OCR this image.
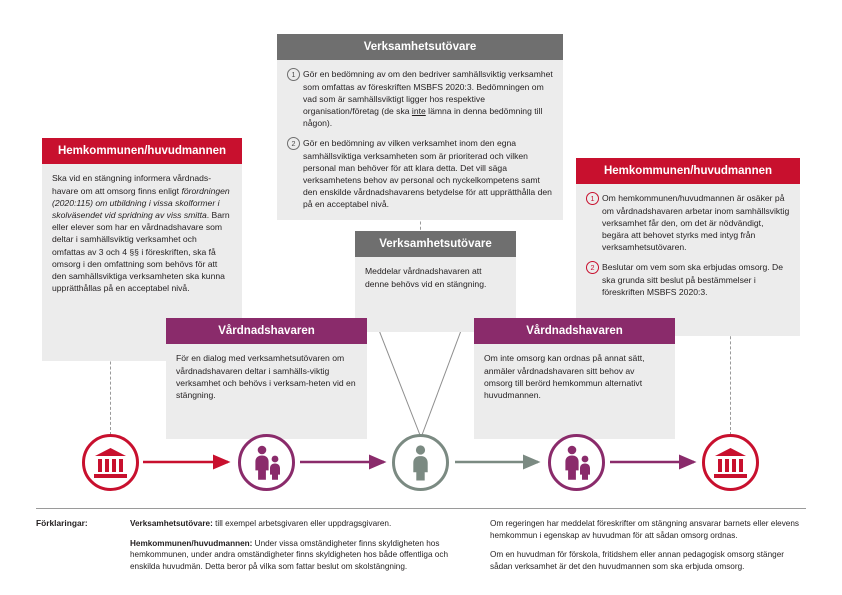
Verksamhetsutövare
1 Gör en bedömning av om den bedriver samhällsviktig verksamhet som omfattas av föreskriften MSBFS 2020:3. Bedömningen om vad som är samhällsviktigt ligger hos respektive organisation/företag (de ska inte lämna in denna bedömning till någon).
2 Gör en bedömning av vilken verksamhet inom den egna samhällsviktiga verksamheten som är prioriterad och vilken personal man behöver för att klara detta. Det vill säga verksamhetens behov av personal och nyckelkompetens samt den enskilde vårdnadshavarens betydelse för att upprätthålla den på en acceptabel nivå.
Hemkommunen/huvudmannen

Ska vid en stängning informera vårdnads-havare om att omsorg finns enligt förordningen (2020:115) om utbildning i vissa skolformer i skolväsendet vid spridning av viss smitta. Barn eller elever som har en vårdnadshavare som  deltar i samhällsviktig verksamhet och omfattas av 3 och 4 §§ i föreskriften, ska få omsorg i den omfattning som behövs för att den samhällsviktiga verksamheten ska kunna upprätthållas på en acceptabel nivå.

Hemkommunen/huvudmannen
1 Om hemkommunen/huvudmannen är osäker på om vårdnadshavaren arbetar inom samhällsviktig verksamhet får den, om det är nödvändigt, begära att behovet styrks med intyg från verksamhetsutövaren.
2 Beslutar om vem som ska erbjudas omsorg. De ska grunda sitt beslut på bestämmelser i föreskriften MSBFS 2020:3.
Verksamhetsutövare

Meddelar vårdnadshavaren att denne behövs vid en stängning.

Vårdnadshavaren

För en dialog med verksamhetsutövaren om vårdnadshavaren deltar i samhälls-viktig verksamhet och behövs i verksam-heten vid en stängning.

Vårdnadshavaren

Om inte omsorg kan ordnas på annat sätt, anmäler vårdnadshavaren sitt behov av omsorg till berörd hemkommun alternativt huvudmannen.

Förklaringar:	Verksamhetsutövare: till exempel arbetsgivaren eller uppdragsgivaren.

Hemkommunen/huvudmannen: Under vissa omständigheter finns skyldigheten hos hemkommunen, under andra omständigheter finns skyldigheten hos både offentliga och enskilda huvudmän. Detta beror på vilka som fattar beslut om skolstängning.

Om regeringen har meddelat föreskrifter om stängning ansvarar barnets eller elevens hemkommun i egenskap av huvudman för att sådan omsorg ordnas.

Om en huvudman för förskola, fritidshem eller annan pedagogisk omsorg stänger sådan verksamhet är det den huvudmannen som ska erbjuda omsorg.
